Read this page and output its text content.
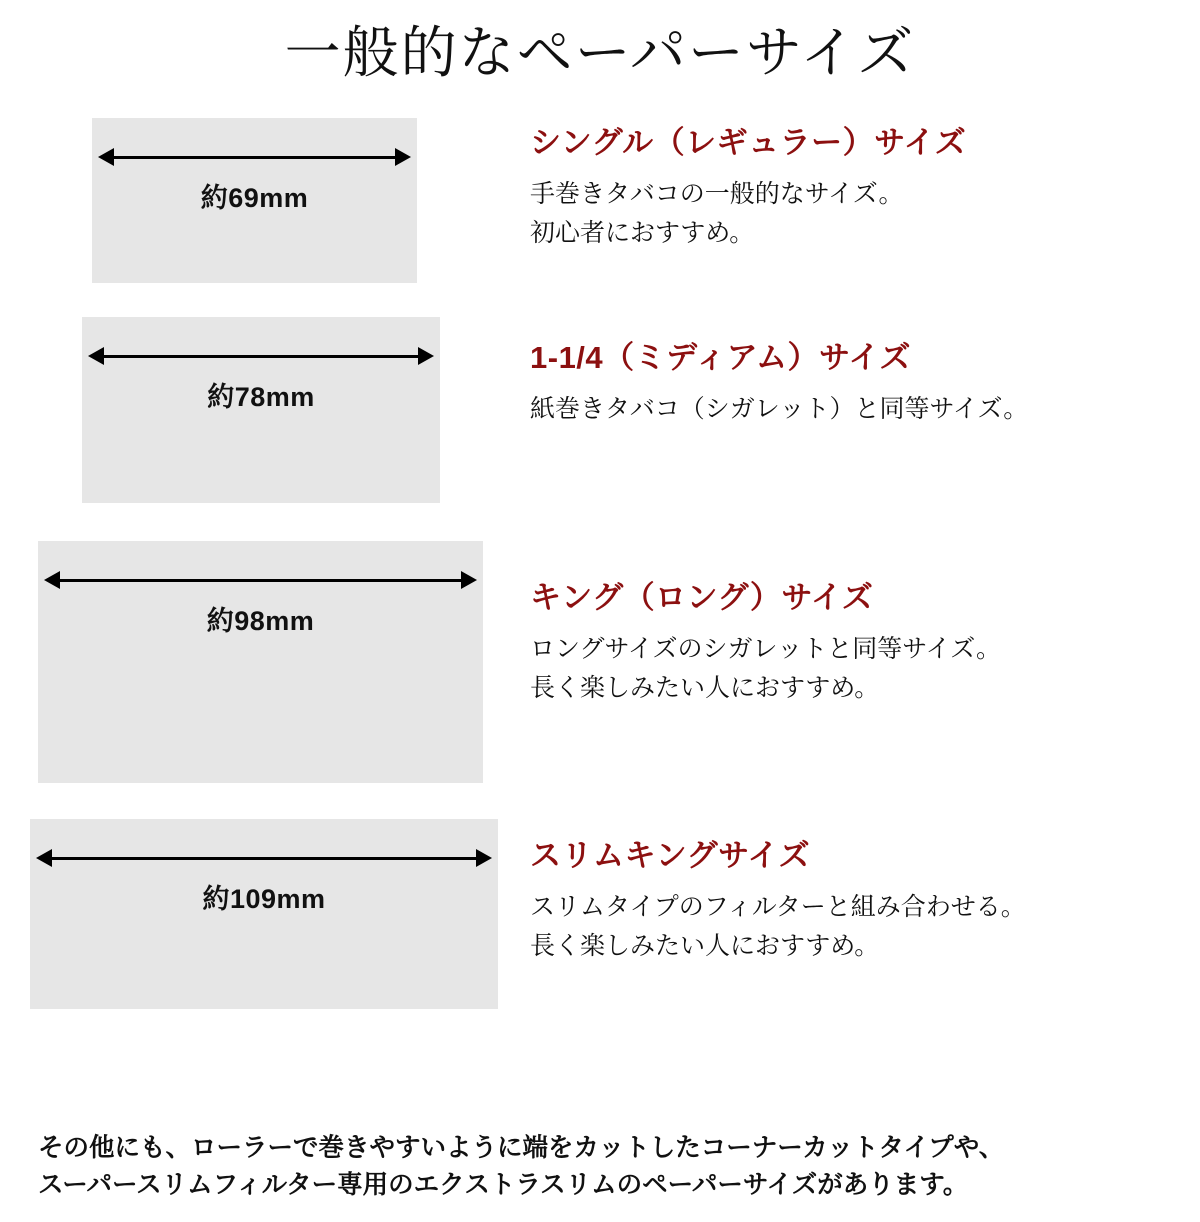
一般的なペーパーサイズ
約69mm
シングル（レギュラー）サイズ

手巻きタバコの一般的なサイズ。

初心者におすすめ。

約78mm
1-1/4（ミディアム）サイズ

紙巻きタバコ（シガレット）と同等サイズ。

約98mm
キング（ロング）サイズ

ロングサイズのシガレットと同等サイズ。

長く楽しみたい人におすすめ。

約109mm
スリムキングサイズ

スリムタイプのフィルターと組み合わせる。

長く楽しみたい人におすすめ。

その他にも、ローラーで巻きやすいように端をカットしたコーナーカットタイプや、
スーパースリムフィルター専用のエクストラスリムのペーパーサイズがあります。
